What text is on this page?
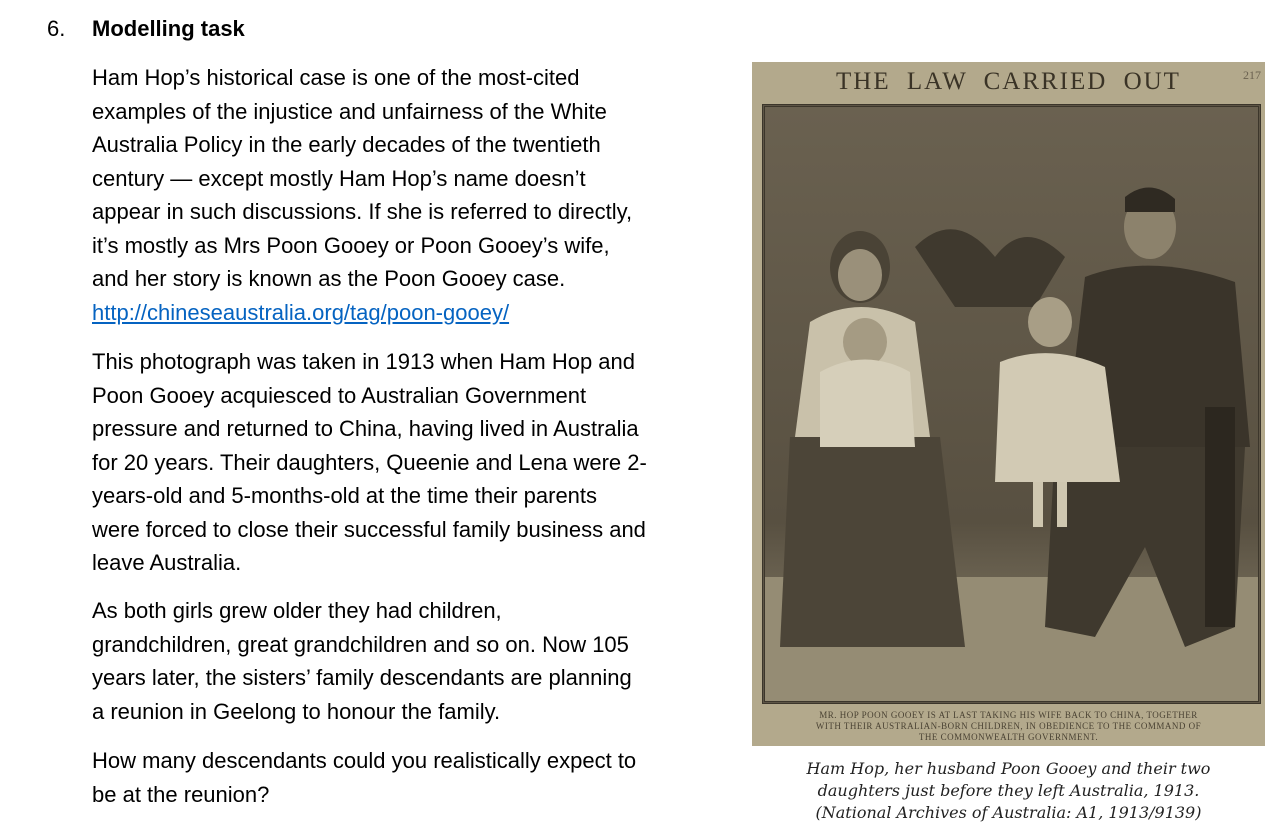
6. Modelling task
Ham Hop’s historical case is one of the most-cited
examples of the injustice and unfairness of the White
Australia Policy in the early decades of the twentieth
century — except mostly Ham Hop’s name doesn’t
appear in such discussions. If she is referred to directly,
it’s mostly as Mrs Poon Gooey or Poon Gooey’s wife,
and her story is known as the Poon Gooey case.
http://chineseaustralia.org/tag/poon-gooey/
This photograph was taken in 1913 when Ham Hop and
Poon Gooey acquiesced to Australian Government
pressure and returned to China, having lived in Australia
for 20 years. Their daughters, Queenie and Lena were 2-
years-old and 5-months-old at the time their parents
were forced to close their successful family business and
leave Australia.
As both girls grew older they had children,
grandchildren, great grandchildren and so on. Now 105
years later, the sisters’ family descendants are planning
a reunion in Geelong to honour the family.
How many descendants could you realistically expect to
be at the reunion?
THE LAW CARRIED OUT	217
MR. HOP POON GOOEY IS AT LAST TAKING HIS WIFE BACK TO CHINA, TOGETHER
WITH THEIR AUSTRALIAN-BORN CHILDREN, IN OBEDIENCE TO THE COMMAND OF
THE COMMONWEALTH GOVERNMENT.
Ham Hop, her husband Poon Gooey and their two
daughters just before they left Australia, 1913.
(National Archives of Australia: A1, 1913/9139)
